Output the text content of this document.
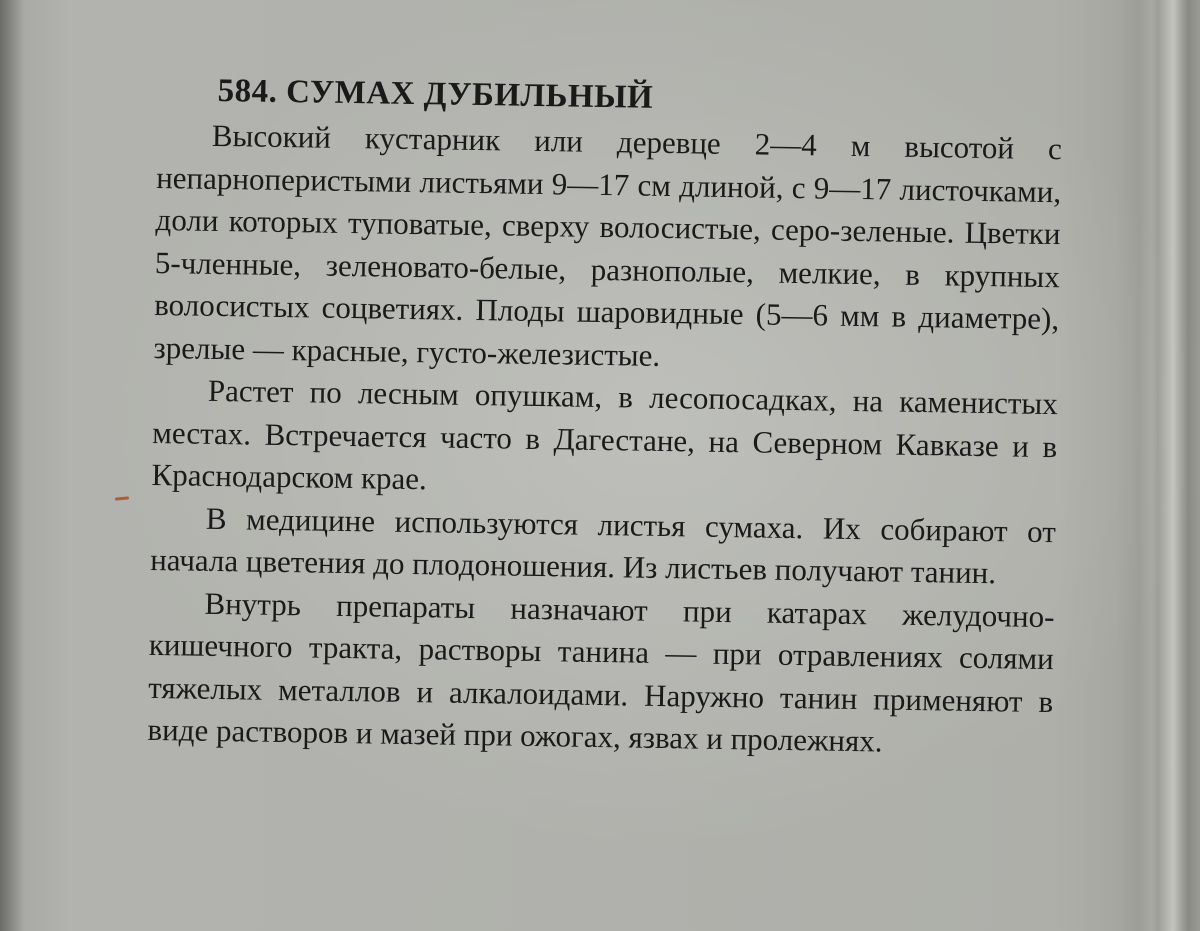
584. СУМАХ ДУБИЛЬНЫЙ

Высокий кустарник или деревце 2—4 м высотой с непарноперистыми листьями 9—17 см длиной, с 9—17 листочками, доли которых туповатые, сверху волосистые, серо-зеленые. Цветки 5-членные, зеленовато-белые, разнополые, мелкие, в крупных волосистых соцветиях. Плоды шаровидные (5—6 мм в диаметре), зрелые — красные, густо-железистые.

Растет по лесным опушкам, в лесопосадках, на каменистых местах. Встречается часто в Дагестане, на Северном Кавказе и в Краснодарском крае.

В медицине используются листья сумаха. Их собирают от начала цветения до плодоношения. Из листьев получают танин.

Внутрь препараты назначают при катарах желудочно-кишечного тракта, растворы танина — при отравлениях солями тяжелых металлов и алкалоидами. Наружно танин применяют в виде растворов и мазей при ожогах, язвах и пролежнях.
